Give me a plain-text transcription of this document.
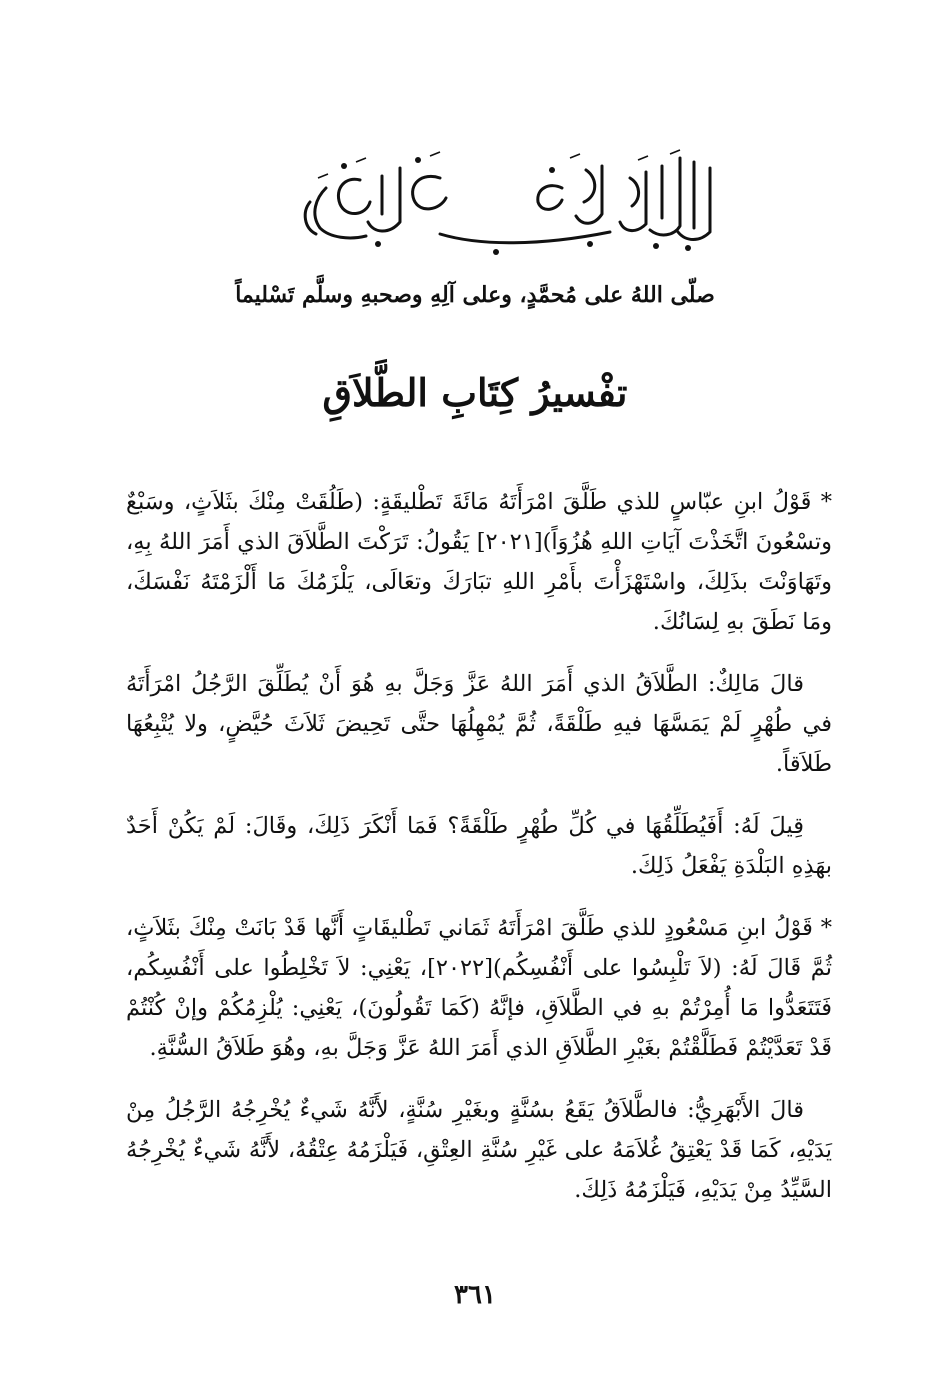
صلّى اللهُ على مُحمَّدٍ، وعلى آلِهِ وصحبهِ وسلَّم تَسْليماً
تفْسيرُ كِتَابِ الطَّلاَقِ

* قَوْلُ ابنِ عبّاسٍ للذي طَلَّقَ امْرَأَتَهُ مَائَةَ تَطْليقَةٍ: (طَلُقَتْ مِنْكَ بثَلاَثٍ، وسَبْعٌ وتسْعُونَ اتَّخَذْتَ آيَاتِ اللهِ هُزُوَاً)[٢٠٢١] يَقُولُ: تَرَكْتَ الطَّلاَقَ الذي أَمَرَ اللهُ بِهِ، وتَهَاوَنْتَ بذَلِكَ، واسْتَهْزَأْتَ بأَمْرِ اللهِ تبَارَكَ وتعَالَى، يَلْزَمُكَ مَا أَلْزَمْتَهُ نَفْسَكَ، ومَا نَطَقَ بهِ لِسَانُكَ.

قالَ مَالِكٌ: الطَّلاَقُ الذي أَمَرَ اللهُ عَزَّ وَجَلَّ بهِ هُوَ أَنْ يُطَلِّقَ الرَّجُلُ امْرَأَتَهُ في طُهْرٍ لَمْ يَمَسَّهَا فيهِ طَلْقَةً، ثُمَّ يُمْهِلُهَا حتَّى تَحِيضَ ثَلاَثَ حُيَّضٍ، ولا يُتْبِعُهَا طَلاَقاً.

قِيلَ لَهُ: أَفَيُطَلِّقُهَا في كُلِّ طُهْرٍ طَلْقَةً؟ فَمَا أَنْكَرَ ذَلِكَ، وقَالَ: لَمْ يَكُنْ أَحَدٌ بهَذِهِ البَلْدَةِ يَفْعَلُ ذَلِكَ.

* قَوْلُ ابنِ مَسْعُودٍ للذي طَلَّقَ امْرَأَتَهُ ثَمَاني تَطْليقَاتٍ أَنَّها قَدْ بَانَتْ مِنْكَ بثَلاَثٍ، ثُمَّ قَالَ لَهُ: (لاَ تَلْبِسُوا على أَنْفُسِكُم)[٢٠٢٢]، يَعْنِي: لاَ تَخْلِطُوا على أَنْفُسِكُم، فَتَتَعَدُّوا مَا أُمِرْتُمْ بهِ في الطَّلاَقِ، فإنَّهُ (كَمَا تَقُولُونَ)، يَعْنِي: يُلْزِمُكُمْ وإنْ كُنْتُمْ قَدْ تَعَدَّيْتُمْ فَطَلَّقْتُمْ بغَيْرِ الطَّلاَقِ الذي أَمَرَ اللهُ عَزَّ وَجَلَّ بهِ، وهُوَ طَلاَقُ السُّنَّةِ.

قالَ الأَبْهَرِيُّ: فالطَّلاَقُ يَقَعُ بسُنَّةٍ وبغَيْرِ سُنَّةٍ، لأَنَّهُ شَيءٌ يُخْرِجُهُ الرَّجُلُ مِنْ يَدَيْهِ، كَمَا قَدْ يَعْتِقُ غُلاَمَهُ على غَيْرِ سُنَّةِ العِتْقِ، فَيَلْزَمُهُ عِتْقُهُ، لأَنَّهُ شَيءٌ يُخْرِجُهُ السَّيِّدُ مِنْ يَدَيْهِ، فَيَلْزَمُهُ ذَلِكَ.

٣٦١
